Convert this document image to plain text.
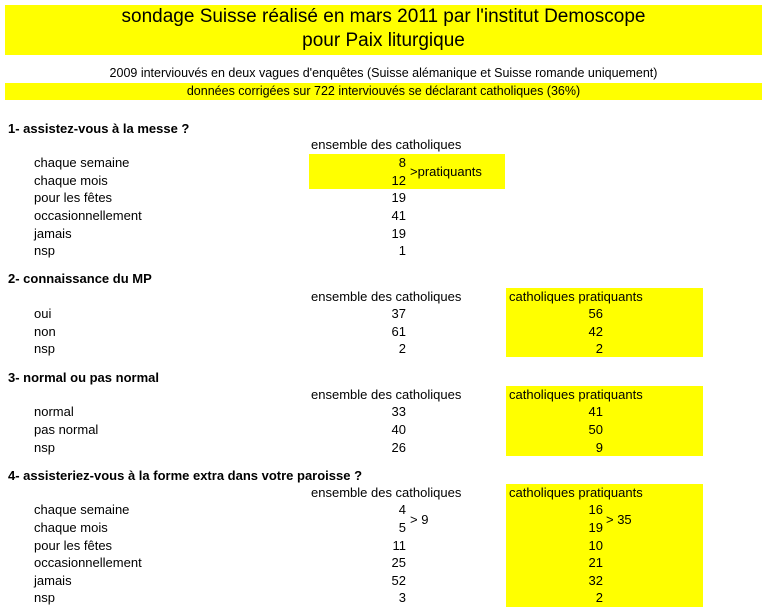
sondage Suisse réalisé en mars 2011 par l'institut Demoscope
pour Paix liturgique
2009 interviouvés en deux vagues d'enquêtes (Suisse alémanique et Suisse romande uniquement)
données corrigées sur 722 interviouvés se déclarant catholiques (36%)
1- assistez-vous à la messe ?
ensemble des catholiques
>pratiquants
chaque semaine	8
chaque mois	12
pour les fêtes	19
occasionnellement	41
jamais	19
nsp	1
2- connaissance du MP
ensemble des catholiques	catholiques pratiquants
oui	37	56
non	61	42
nsp	2	2
3- normal ou pas normal
ensemble des catholiques	catholiques pratiquants
normal	33	41
pas normal	40	50
nsp	26	9
4- assisteriez-vous à la forme extra dans votre paroisse ?
ensemble des catholiques	catholiques pratiquants
> 9	> 35
chaque semaine	4	16
chaque mois	5	19
pour les fêtes	11	10
occasionnellement	25	21
jamais	52	32
nsp	3	2
